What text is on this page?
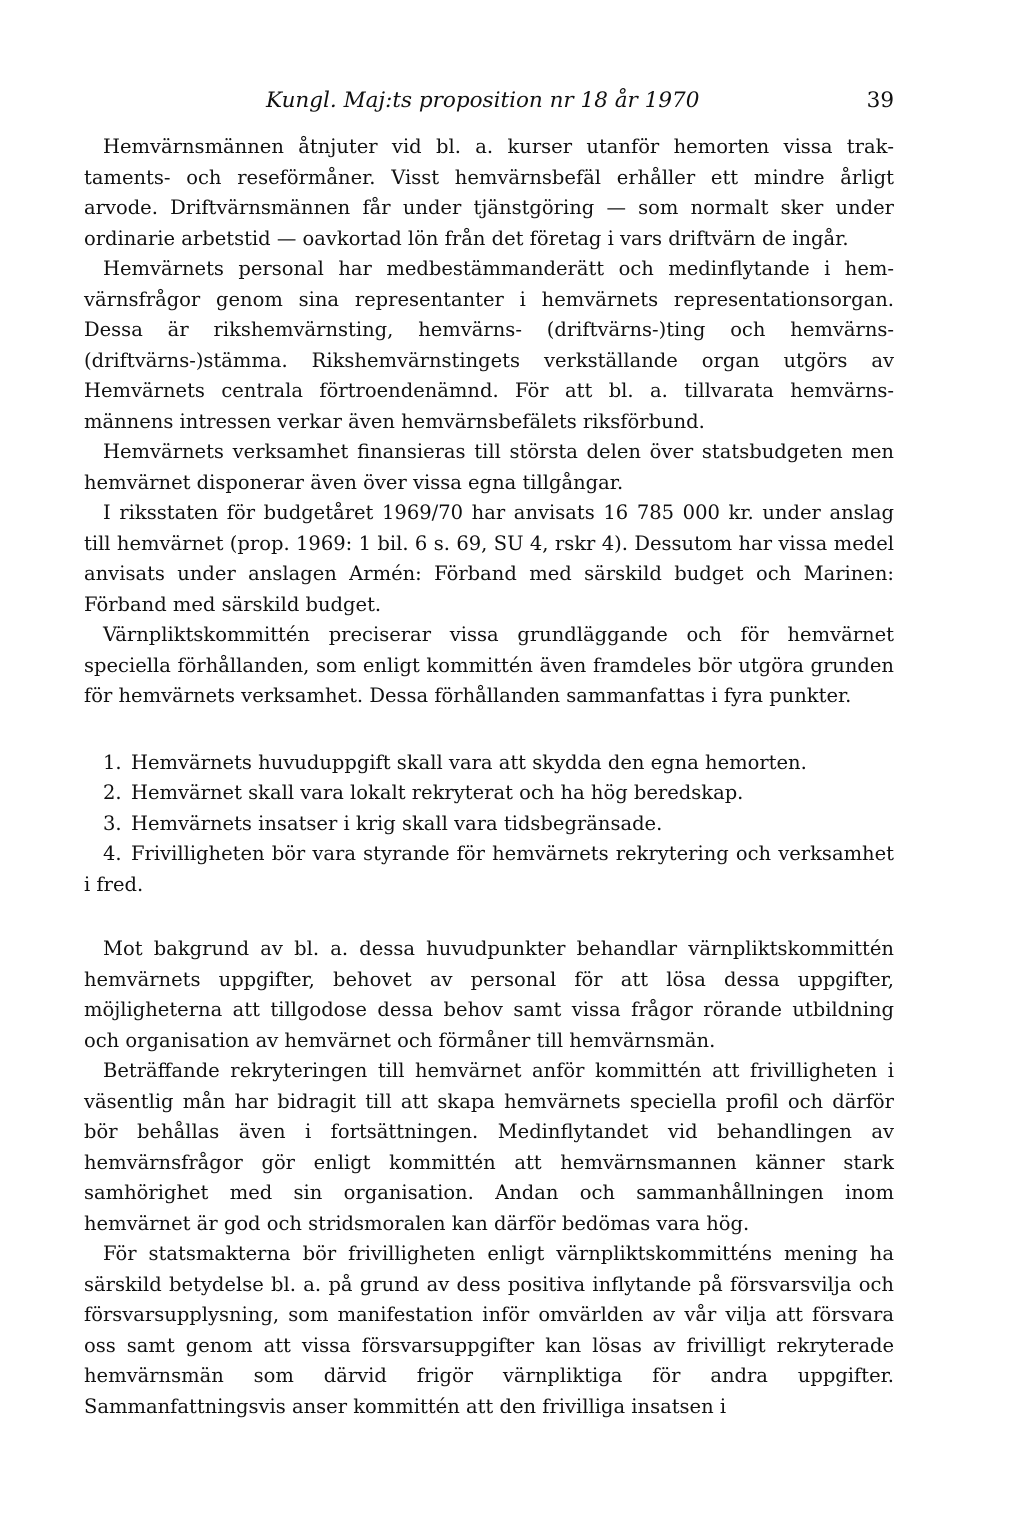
Kungl. Maj:ts proposition nr 18 år 1970	39

Hemvärnsmännen åtnjuter vid bl. a. kurser utanför hemorten vissa traktaments- och reseförmåner. Visst hemvärnsbefäl erhåller ett mindre årligt arvode. Driftvärnsmännen får under tjänstgöring — som normalt sker under ordinarie arbetstid — oavkortad lön från det företag i vars driftvärn de ingår.

Hemvärnets personal har medbestämmanderätt och medinflytande i hemvärnsfrågor genom sina representanter i hemvärnets representationsorgan. Dessa är rikshemvärnsting, hemvärns- (driftvärns-)ting och hemvärns(driftvärns-)stämma. Rikshemvärnstingets verkställande organ utgörs av Hemvärnets centrala förtroendenämnd. För att bl. a. tillvarata hemvärnsmännens intressen verkar även hemvärnsbefälets riksförbund.

Hemvärnets verksamhet finansieras till största delen över statsbudgeten men hemvärnet disponerar även över vissa egna tillgångar.

I riksstaten för budgetåret 1969/70 har anvisats 16 785 000 kr. under anslag till hemvärnet (prop. 1969: 1 bil. 6 s. 69, SU 4, rskr 4). Dessutom har vissa medel anvisats under anslagen Armén: Förband med särskild budget och Marinen: Förband med särskild budget.

Värnpliktskommittén preciserar vissa grundläggande och för hemvärnet speciella förhållanden, som enligt kommittén även framdeles bör utgöra grunden för hemvärnets verksamhet. Dessa förhållanden sammanfattas i fyra punkter.

1. Hemvärnets huvuduppgift skall vara att skydda den egna hemorten.
2. Hemvärnet skall vara lokalt rekryterat och ha hög beredskap.
3. Hemvärnets insatser i krig skall vara tidsbegränsade.
4. Frivilligheten bör vara styrande för hemvärnets rekrytering och verksamhet i fred.

Mot bakgrund av bl. a. dessa huvudpunkter behandlar värnpliktskommittén hemvärnets uppgifter, behovet av personal för att lösa dessa uppgifter, möjligheterna att tillgodose dessa behov samt vissa frågor rörande utbildning och organisation av hemvärnet och förmåner till hemvärnsmän.

Beträffande rekryteringen till hemvärnet anför kommittén att frivilligheten i väsentlig mån har bidragit till att skapa hemvärnets speciella profil och därför bör behållas även i fortsättningen. Medinflytandet vid behandlingen av hemvärnsfrågor gör enligt kommittén att hemvärnsmannen känner stark samhörighet med sin organisation. Andan och sammanhållningen inom hemvärnet är god och stridsmoralen kan därför bedömas vara hög.

För statsmakterna bör frivilligheten enligt värnpliktskommitténs mening ha särskild betydelse bl. a. på grund av dess positiva inflytande på försvarsvilja och försvarsupplysning, som manifestation inför omvärlden av vår vilja att försvara oss samt genom att vissa försvarsuppgifter kan lösas av frivilligt rekryterade hemvärnsmän som därvid frigör värnpliktiga för andra uppgifter. Sammanfattningsvis anser kommittén att den frivilliga insatsen i
